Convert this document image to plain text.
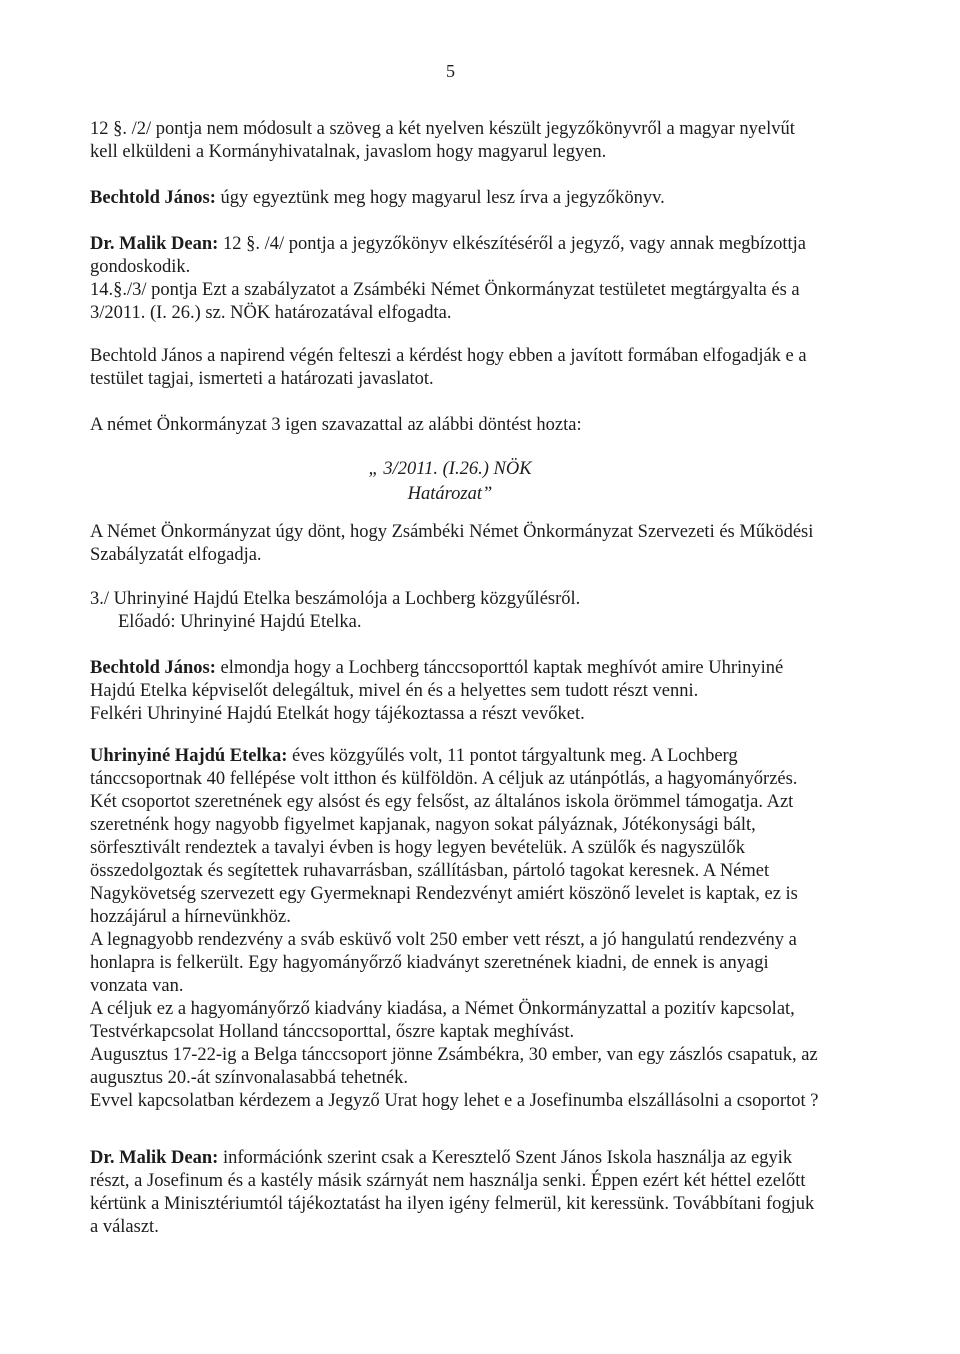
5

12 §. /2/ pontja nem módosult a szöveg a két nyelven készült jegyzőkönyvről a magyar nyelvűt kell elküldeni a Kormányhivatalnak, javaslom hogy magyarul legyen.

Bechtold János: úgy egyeztünk meg hogy magyarul lesz írva a jegyzőkönyv.

Dr. Malik Dean: 12 §. /4/ pontja a jegyzőkönyv elkészítéséről a jegyző, vagy annak megbízottja gondoskodik.

14.§./3/ pontja Ezt a szabályzatot a Zsámbéki Német Önkormányzat testületet megtárgyalta és a 3/2011. (I. 26.) sz. NÖK határozatával elfogadta.

Bechtold János a napirend végén felteszi a kérdést hogy ebben a javított formában elfogadják e a testület tagjai, ismerteti a határozati javaslatot.

A német Önkormányzat 3 igen szavazattal az alábbi döntést hozta:

„ 3/2011. (I.26.) NÖK
Határozat”

A Német Önkormányzat úgy dönt, hogy Zsámbéki Német Önkormányzat Szervezeti és Működési Szabályzatát elfogadja.

3./ Uhrinyiné Hajdú Etelka beszámolója a Lochberg közgyűlésről.

Előadó: Uhrinyiné Hajdú Etelka.

Bechtold János: elmondja hogy a Lochberg tánccsoporttól kaptak meghívót amire Uhrinyiné Hajdú Etelka képviselőt delegáltuk, mivel én és a helyettes sem tudott részt venni.

Felkéri Uhrinyiné Hajdú Etelkát hogy tájékoztassa a részt vevőket.

Uhrinyiné Hajdú Etelka: éves közgyűlés volt, 11 pontot tárgyaltunk meg. A Lochberg tánccsoportnak 40 fellépése volt itthon és külföldön. A céljuk az utánpótlás, a hagyományőrzés. Két csoportot szeretnének egy alsóst és egy felsőst, az általános iskola örömmel támogatja. Azt szeretnénk hogy nagyobb figyelmet kapjanak, nagyon sokat pályáznak, Jótékonysági bált, sörfesztivált rendeztek a tavalyi évben is hogy legyen bevételük. A szülők és nagyszülők összedolgoztak és segítettek ruhavarrásban, szállításban, pártoló tagokat keresnek. A Német Nagykövetség szervezett egy Gyermeknapi Rendezvényt amiért köszönő levelet is kaptak, ez is hozzájárul a hírnevünkhöz.

A legnagyobb rendezvény a sváb esküvő volt 250 ember vett részt, a jó hangulatú rendezvény a honlapra is felkerült. Egy hagyományőrző kiadványt szeretnének kiadni, de ennek is anyagi vonzata van.

A céljuk ez a hagyományőrző kiadvány kiadása, a Német Önkormányzattal a pozitív kapcsolat, Testvérkapcsolat Holland tánccsoporttal, őszre kaptak meghívást.

Augusztus 17-22-ig a Belga tánccsoport jönne Zsámbékra, 30 ember, van egy zászlós csapatuk, az augusztus 20.-át színvonalasabbá tehetnék.

Evvel kapcsolatban kérdezem a Jegyző Urat hogy lehet e a Josefinumba elszállásolni a csoportot ?

Dr. Malik Dean: információnk szerint csak a Keresztelő Szent János Iskola használja az egyik részt, a Josefinum és a kastély másik szárnyát nem használja senki. Éppen ezért két héttel ezelőtt kértünk a Minisztériumtól tájékoztatást ha ilyen igény felmerül, kit keressünk. Továbbítani fogjuk a választ.
